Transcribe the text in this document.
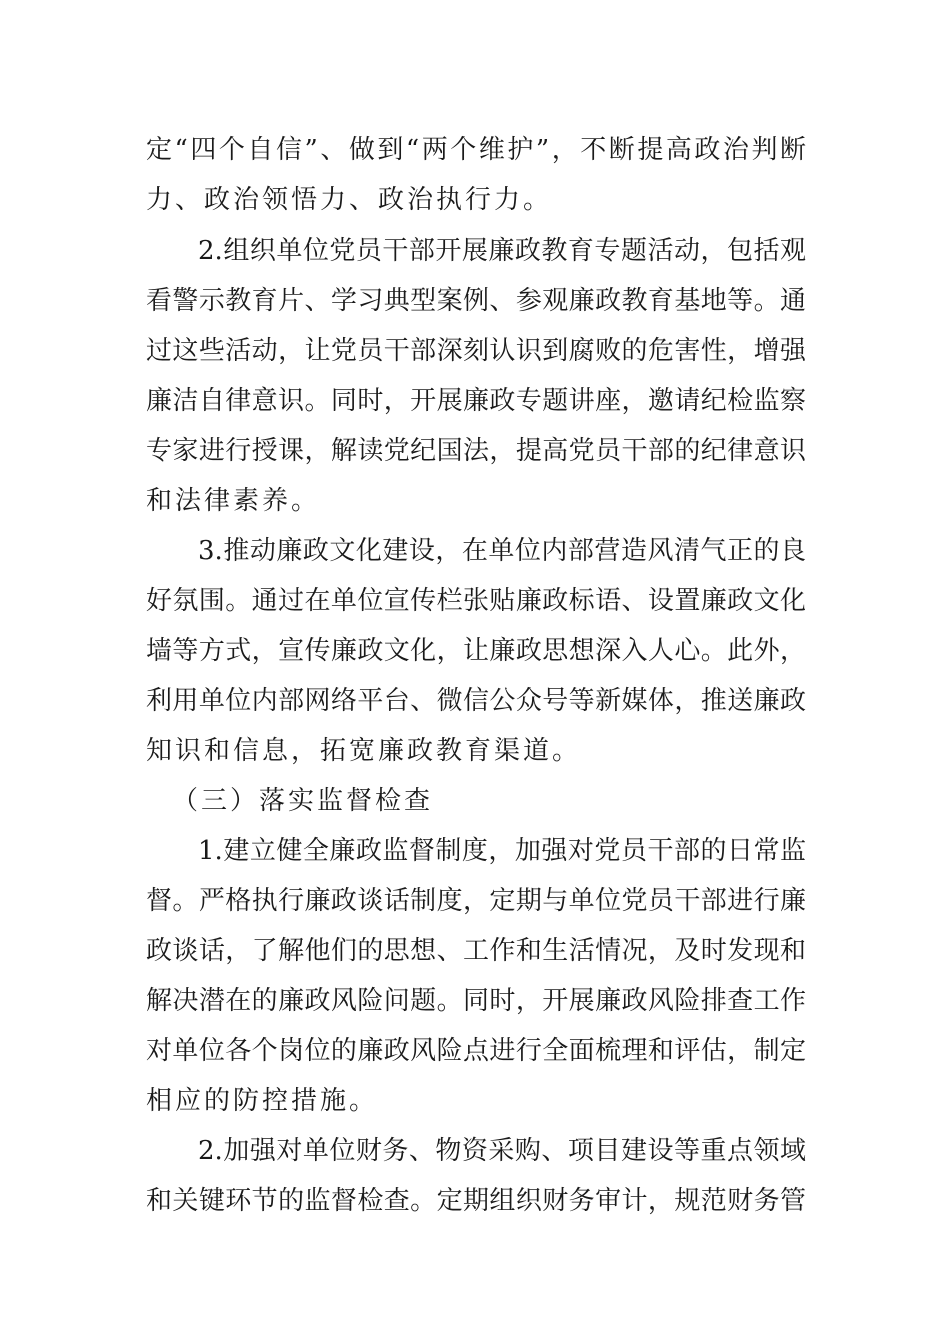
定“四个自信”、做到“两个维护”，不断提高政治判断
力、政治领悟力、政治执行力。
2.组织单位党员干部开展廉政教育专题活动，包括观
看警示教育片、学习典型案例、参观廉政教育基地等。通
过这些活动，让党员干部深刻认识到腐败的危害性，增强
廉洁自律意识。同时，开展廉政专题讲座，邀请纪检监察
专家进行授课，解读党纪国法，提高党员干部的纪律意识
和法律素养。
3.推动廉政文化建设，在单位内部营造风清气正的良
好氛围。通过在单位宣传栏张贴廉政标语、设置廉政文化
墙等方式，宣传廉政文化，让廉政思想深入人心。此外，
利用单位内部网络平台、微信公众号等新媒体，推送廉政
知识和信息，拓宽廉政教育渠道。
（三）落实监督检查
1.建立健全廉政监督制度，加强对党员干部的日常监
督。严格执行廉政谈话制度，定期与单位党员干部进行廉
政谈话，了解他们的思想、工作和生活情况，及时发现和
解决潜在的廉政风险问题。同时，开展廉政风险排查工作
对单位各个岗位的廉政风险点进行全面梳理和评估，制定
相应的防控措施。
2.加强对单位财务、物资采购、项目建设等重点领域
和关键环节的监督检查。定期组织财务审计，规范财务管
